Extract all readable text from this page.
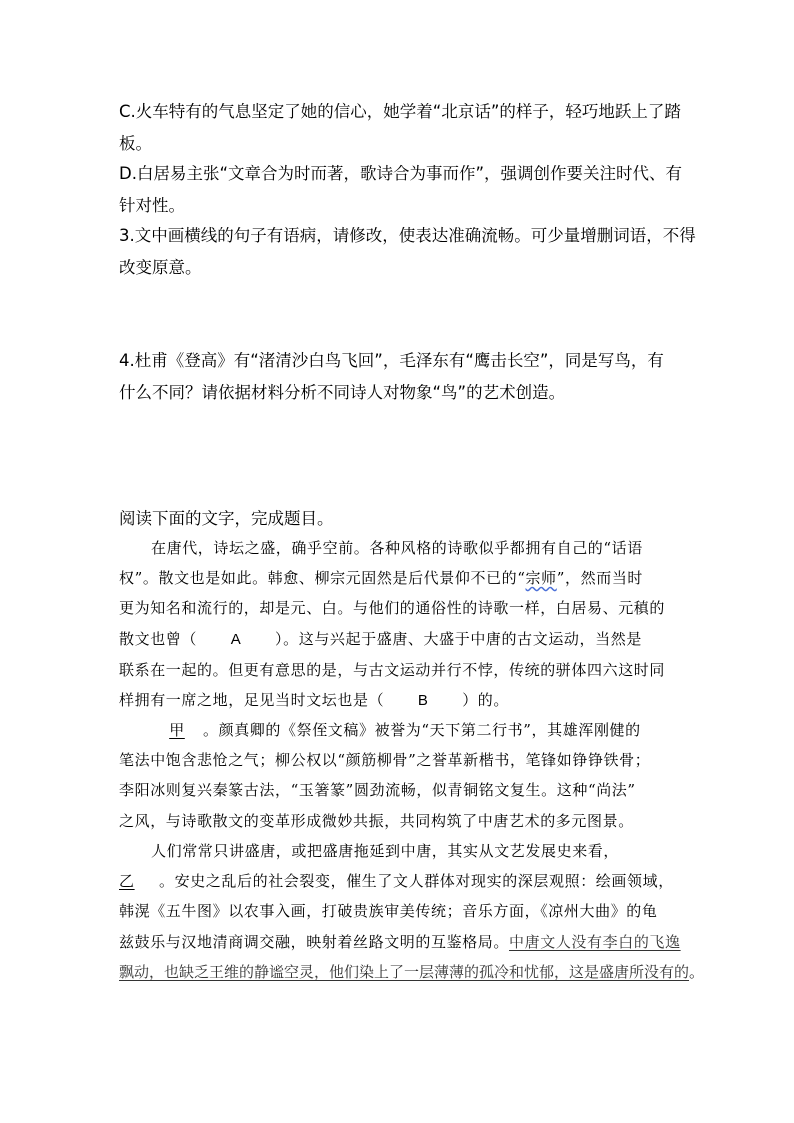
C.火车特有的气息坚定了她的信心，她学着“北京话”的样子，轻巧地跃上了踏
板。
D.白居易主张“文章合为时而著，歌诗合为事而作”，强调创作要关注时代、有
针对性。
3.文中画横线的句子有语病，请修改，使表达准确流畅。可少量增删词语，不得
改变原意。
4.杜甫《登高》有“渚清沙白鸟飞回”，毛泽东有“鹰击长空”，同是写鸟，有
什么不同？请依据材料分析不同诗人对物象“鸟”的艺术创造。
阅读下面的文字，完成题目。
在唐代，诗坛之盛，确乎空前。各种风格的诗歌似乎都拥有自己的“话语
权”。散文也是如此。韩愈、柳宗元固然是后代景仰不已的“宗师”，然而当时
更为知名和流行的，却是元、白。与他们的通俗性的诗歌一样，白居易、元稹的
散文也曾（ A ）。这与兴起于盛唐、大盛于中唐的古文运动，当然是
联系在一起的。但更有意思的是，与古文运动并行不悖，传统的骈体四六这时同
样拥有一席之地，足见当时文坛也是（ B ）的。
甲 。颜真卿的《祭侄文稿》被誉为“天下第二行书”，其雄浑刚健的
笔法中饱含悲怆之气；柳公权以“颜筋柳骨”之誉革新楷书，笔锋如铮铮铁骨；
李阳冰则复兴秦篆古法，“玉箸篆”圆劲流畅，似青铜铭文复生。这种“尚法”
之风，与诗歌散文的变革形成微妙共振，共同构筑了中唐艺术的多元图景。
人们常常只讲盛唐，或把盛唐拖延到中唐，其实从文艺发展史来看，
乙 。安史之乱后的社会裂变，催生了文人群体对现实的深层观照：绘画领域，
韩滉《五牛图》以农事入画，打破贵族审美传统；音乐方面，《凉州大曲》的龟
兹鼓乐与汉地清商调交融，映射着丝路文明的互鉴格局。中唐文人没有李白的飞逸
飘动，也缺乏王维的静谧空灵，他们染上了一层薄薄的孤冷和忧郁，这是盛唐所没有的。
